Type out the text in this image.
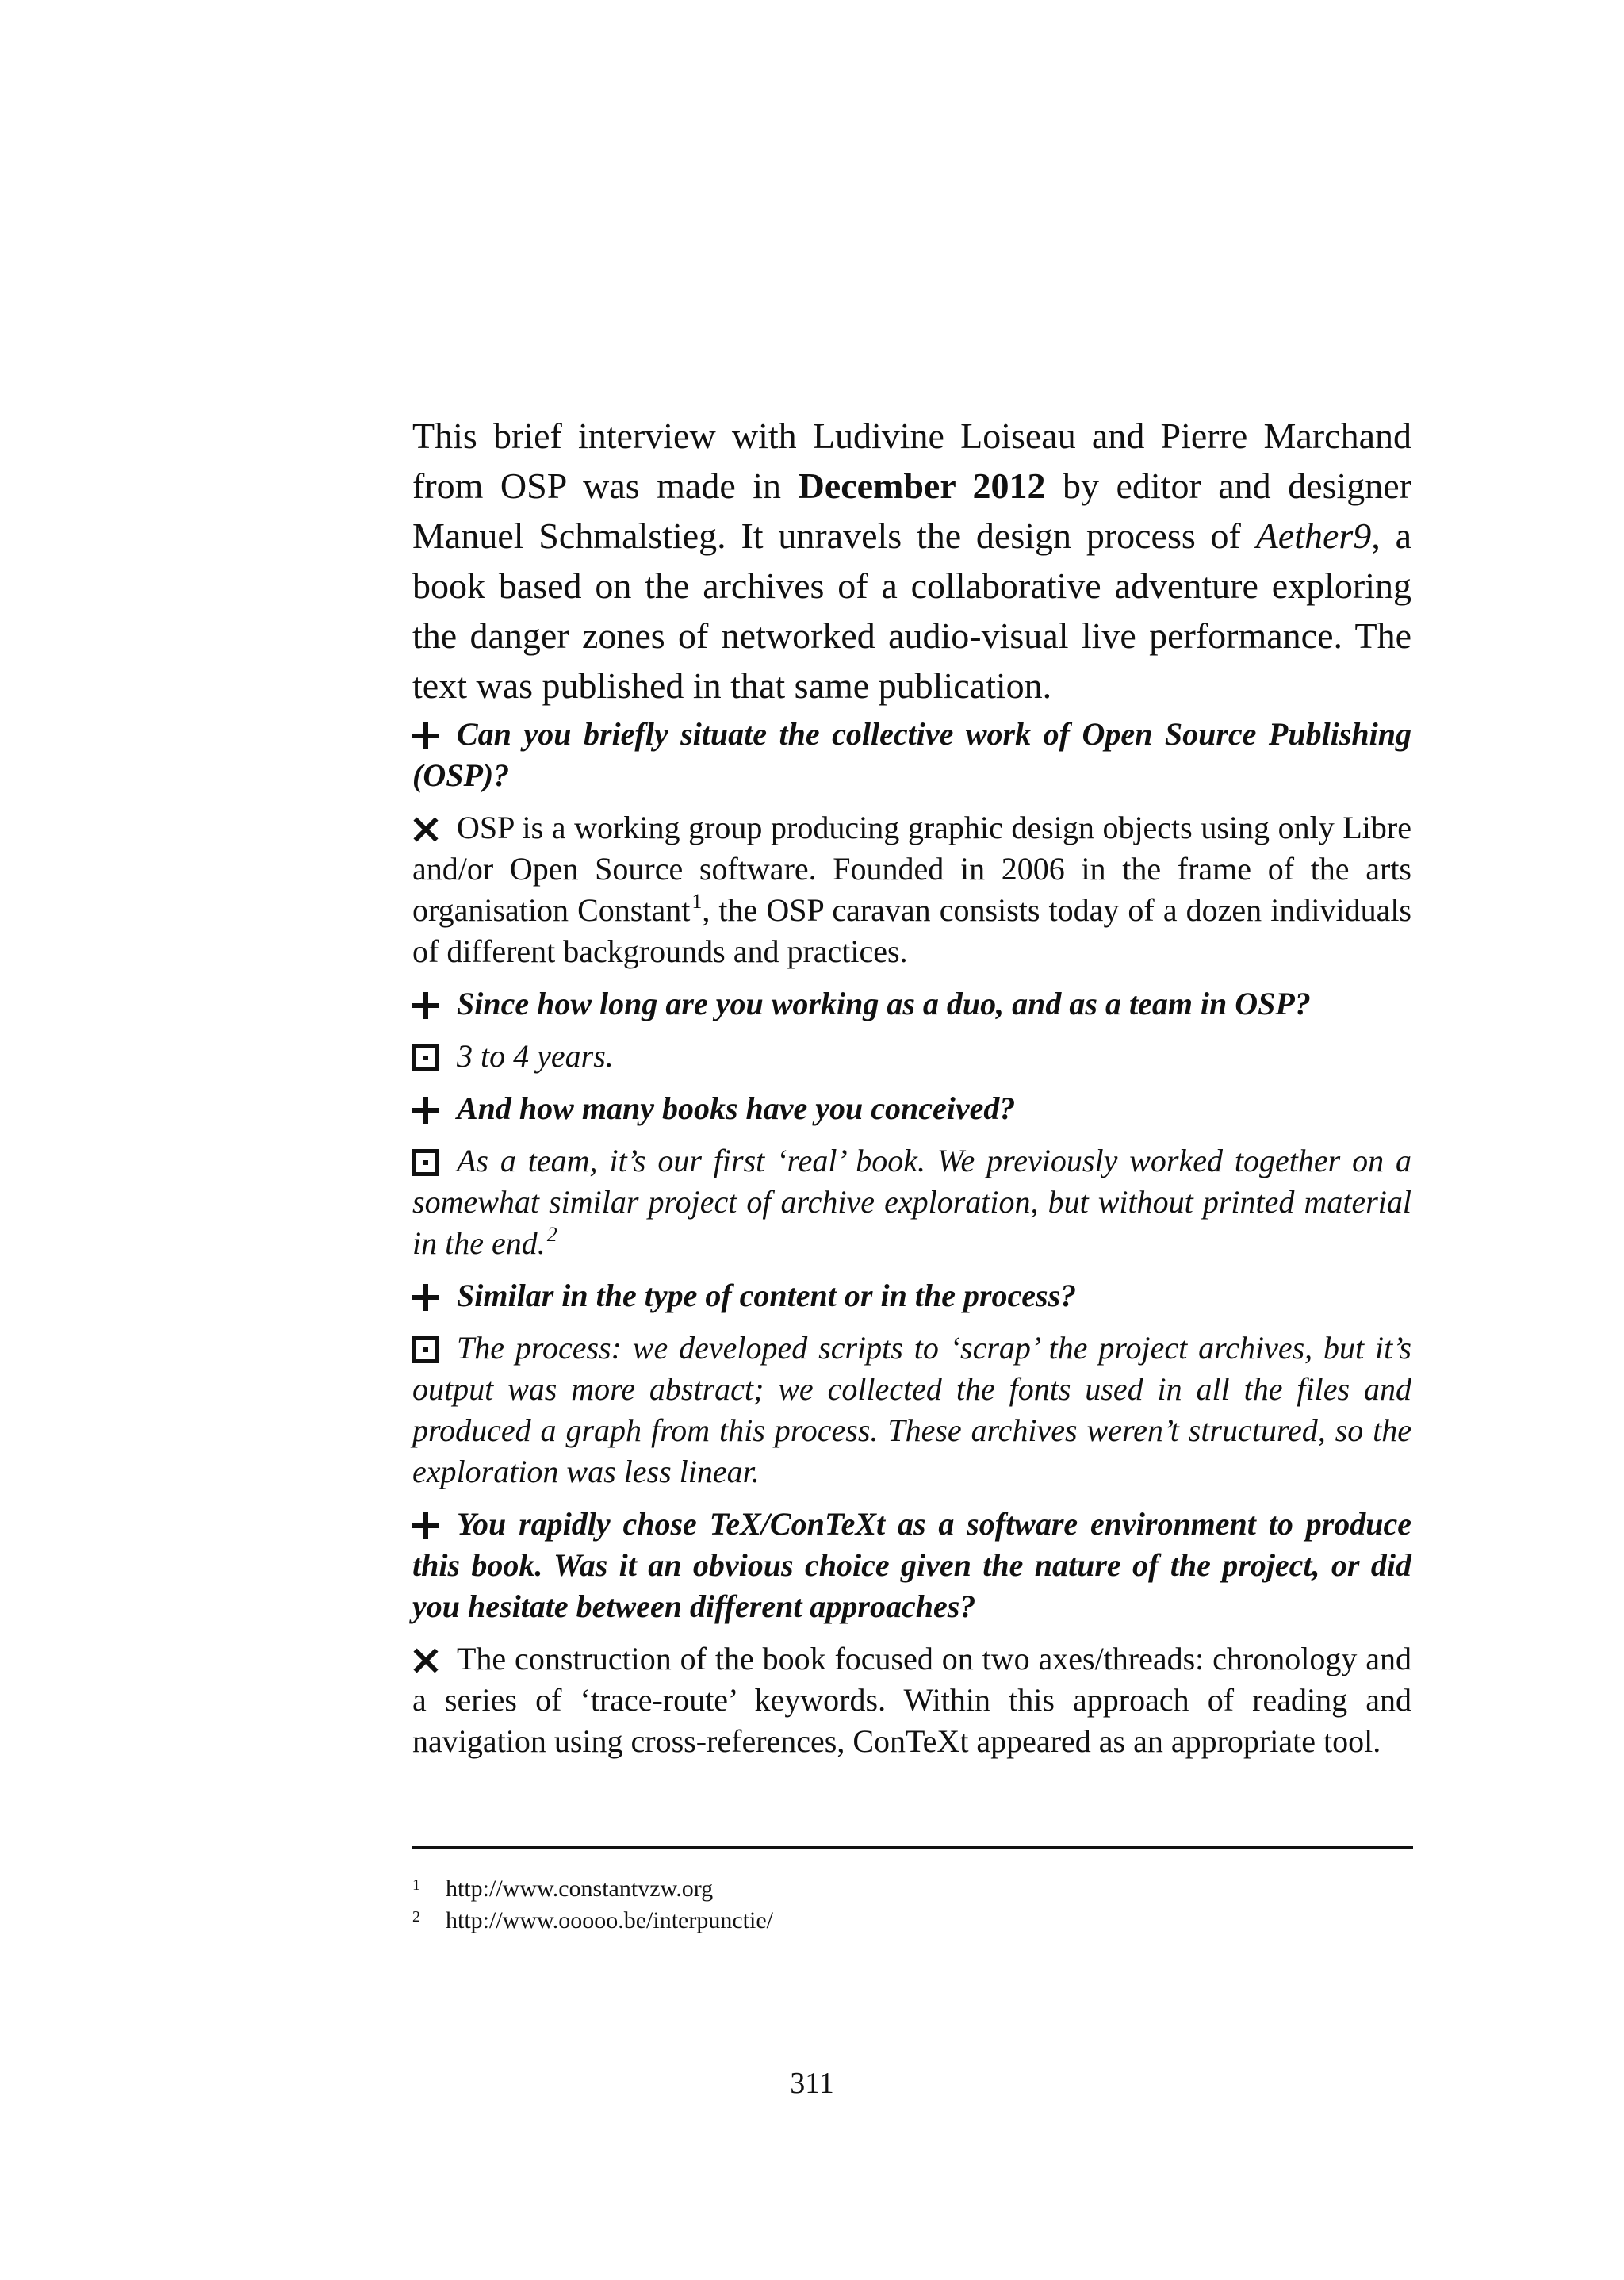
This brief interview with Ludivine Loiseau and Pierre Marchand from OSP was made in December 2012 by editor and designer Manuel Schmalstieg. It unravels the design process of Aether9, a book based on the archives of a collaborative adventure exploring the danger zones of networked audio-visual live performance. The text was published in that same publication.

Can you briefly situate the collective work of Open Source Publishing (OSP)?

OSP is a working group producing graphic design objects using only Libre and/or Open Source software. Founded in 2006 in the frame of the arts organisation Constant$^1$, the OSP caravan consists today of a dozen individuals of different backgrounds and practices.

Since how long are you working as a duo, and as a team in OSP?

3 to 4 years.

And how many books have you conceived?

As a team, it’s our first ‘real’ book. We previously worked together on a somewhat similar project of archive exploration, but without printed material in the end.$^2$

Similar in the type of content or in the process?

The process: we developed scripts to ‘scrap’ the project archives, but it’s output was more abstract; we collected the fonts used in all the files and produced a graph from this process. These archives weren’t structured, so the exploration was less linear.

You rapidly chose TeX/ConTeXt as a software environment to produce this book. Was it an obvious choice given the nature of the project, or did you hesitate between different approaches?

The construction of the book focused on two axes/threads: chronology and a series of ‘trace-route’ keywords. Within this approach of reading and navigation using cross-references, ConTeXt appeared as an appropriate tool.

1	http://www.constantvzw.org
2	http://www.ooooo.be/interpunctie/
311
